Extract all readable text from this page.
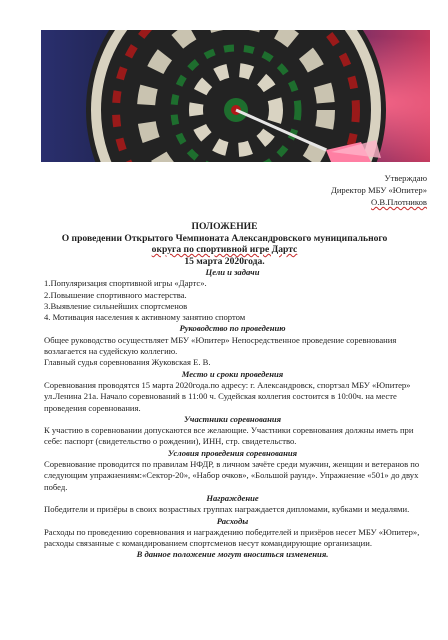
Утверждаю
Директор МБУ «Юпитер»
О.В.Плотников
ПОЛОЖЕНИЕ
О проведении Открытого Чемпионата Александровского муниципального
округа по спортивной игре Дартс
15 марта 2020года.
Цели и задачи
1.Популяризация спортивной игры «Дартс».
2.Повышение спортивного мастерства.
3.Выявление сильнейших спортсменов
4. Мотивация населения к активному занятию спортом
Руководство по проведению

Общее руководство осуществляет МБУ «Юпитер» Непосредственное проведение соревнования возлагается на судейскую коллегию.

Главный судья соревнования Жуковская Е. В.

Место и сроки проведения

Соревнования проводятся 15 марта 2020года.по адресу: г. Александровск, спортзал МБУ «Юпитер» ул.Ленина 21а. Начало соревнований в 11:00 ч. Судейская коллегия состоится в 10:00ч. на месте проведения соревнования.

Участники соревнования

К участию в соревновании допускаются все желающие. Участники соревнования должны иметь при себе: паспорт (свидетельство о рождении), ИНН, стр. свидетельство.

Условия проведения соревнования

Соревнование проводится по правилам НФДР, в личном зачёте среди мужчин, женщин и ветеранов по следующим упражнениям:«Сектор-20», «Набор очков», «Большой раунд». Упражнение «501» до двух побед.

Награждение

Победители и призёры в своих возрастных группах награждается дипломами, кубками и медалями.

Расходы

Расходы по проведению соревнования и награждению победителей и призёров несет МБУ «Юпитер», расходы связанные с командированием спортсменов несут командирующие организации.

В данное положение могут вноситься изменения.
